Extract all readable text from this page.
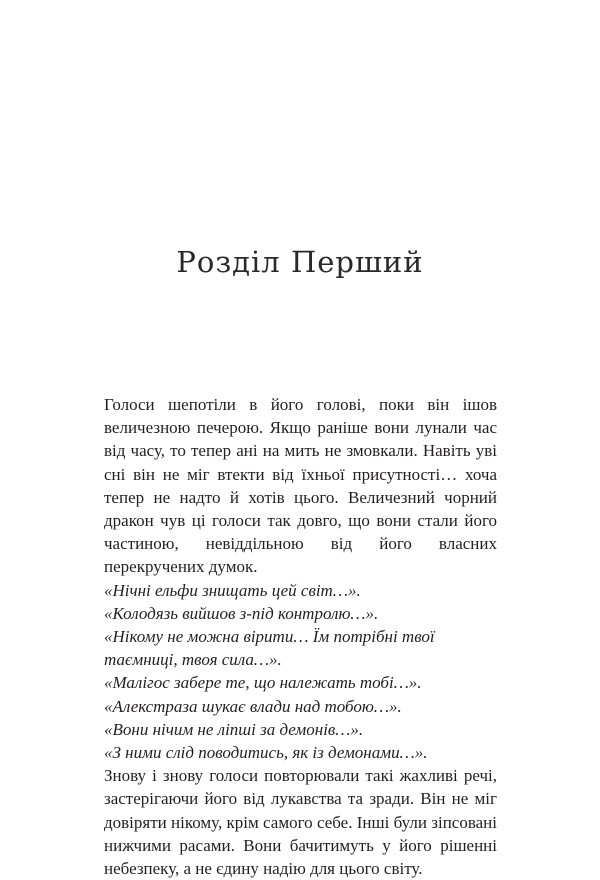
Розділ Перший

Голоси шепотіли в його голові, поки він ішов величезною печерою. Якщо раніше вони лунали час від часу, то тепер ані на мить не змовкали. Навіть уві сні він не міг втекти від їхньої присутності… хоча тепер не надто й хотів цього. Величезний чорний дракон чув ці голоси так довго, що вони стали його частиною, невіддільною від його власних перекручених думок.

«Нічні ельфи знищать цей світ…».

«Колодязь вийшов з-під контролю…».

«Нікому не можна вірити… Їм потрібні твої таємниці, твоя сила…».

«Малігос забере те, що належать тобі…».

«Алекстраза шукає влади над тобою…».

«Вони нічим не ліпші за демонів…».

«З ними слід поводитись, як із демонами…».

Знову і знову голоси повторювали такі жахливі речі, застерігаючи його від лукавства та зради. Він не міг довіряти нікому, крім самого себе. Інші були зіпсовані нижчими расами. Вони бачитимуть у його рішенні небезпеку, а не єдину надію для цього світу.
